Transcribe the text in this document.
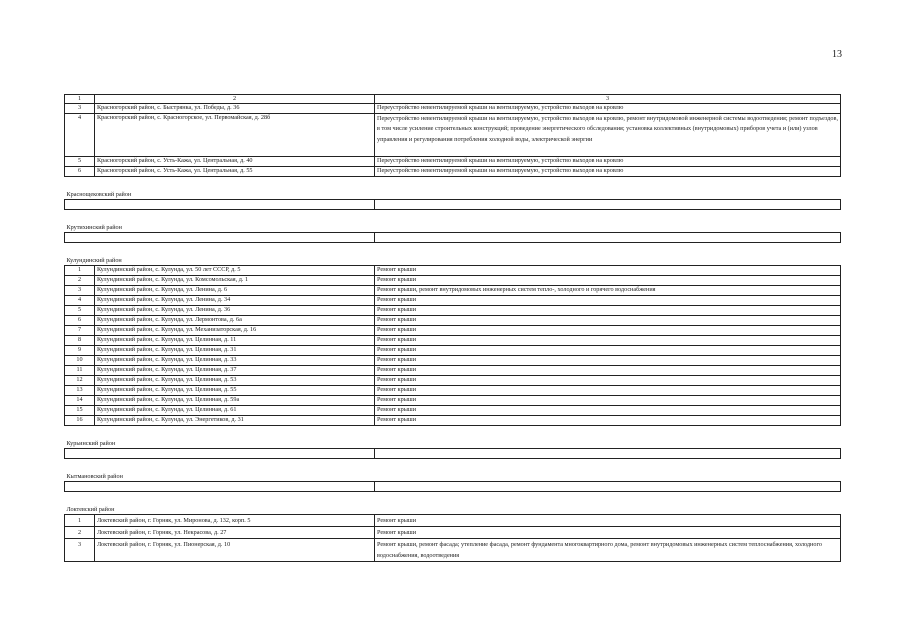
13
1	2	3
3	Красногорский район, с. Быстрянка, ул. Победы, д. 36	Переустройство невентилируемой крыши на вентилируемую, устройство выходов на кровлю
4	Красногорский район, с. Красногорское, ул. Первомайская, д. 28б	Переустройство невентилируемой крыши на вентилируемую, устройство выходов на кровлю, ремонт внутридомовой инженерной системы водоотведения; ремонт подъездов, в том числе усиление строительных конструкций; проведение энергетического обследования; установка коллективных (внутридомовых) приборов учета и (или) узлов управления и регулирования потребления холодной воды, электрической энергии
5	Красногорский район, с. Усть-Кажа, ул. Центральная, д. 40	Переустройство невентилируемой крыши на вентилируемую, устройство выходов на кровлю
6	Красногорский район, с. Усть-Кажа, ул. Центральная, д. 55	Переустройство невентилируемой крыши на вентилируемую, устройство выходов на кровлю
Краснощековский район		

Крутихинский район		

Кулундинский район		
1	Кулундинский район, с. Кулунда, ул. 50 лет СССР, д. 5	Ремонт крыши
2	Кулундинский район, с. Кулунда, ул. Комсомольская, д. 1	Ремонт крыши
3	Кулундинский район, с. Кулунда, ул. Ленина, д. 6	Ремонт крыши, ремонт внутридомовых инженерных систем тепло-, холодного и горячего водоснабжения
4	Кулундинский район, с. Кулунда, ул. Ленина, д. 34	Ремонт крыши
5	Кулундинский район, с. Кулунда, ул. Ленина, д. 36	Ремонт крыши
6	Кулундинский район, с. Кулунда, ул. Лермонтова, д. 6а	Ремонт крыши
7	Кулундинский район, с. Кулунда, ул. Механизаторская, д. 16	Ремонт крыши
8	Кулундинский район, с. Кулунда, ул. Целинная, д. 11	Ремонт крыши
9	Кулундинский район, с. Кулунда, ул. Целинная, д. 31	Ремонт крыши
10	Кулундинский район, с. Кулунда, ул. Целинная, д. 33	Ремонт крыши
11	Кулундинский район, с. Кулунда, ул. Целинная, д. 37	Ремонт крыши
12	Кулундинский район, с. Кулунда, ул. Целинная, д. 53	Ремонт крыши
13	Кулундинский район, с. Кулунда, ул. Целинная, д. 55	Ремонт крыши
14	Кулундинский район, с. Кулунда, ул. Целинная, д. 59а	Ремонт крыши
15	Кулундинский район, с. Кулунда, ул. Целинная, д. 61	Ремонт крыши
16	Кулундинский район, с. Кулунда, ул. Энергетиков, д. 31	Ремонт крыши
Курьинский район		

Кытмановский район		

Локтевский район		
1	Локтевский район, г. Горняк, ул. Миронова, д. 132, корп. 5	Ремонт крыши
2	Локтевский район, г. Горняк, ул. Некрасова, д. 27	Ремонт крыши
3	Локтевский район, г. Горняк, ул. Пионерская, д. 10	Ремонт крыши, ремонт фасада; утепление фасада, ремонт фундамента многоквартирного дома, ремонт внутридомовых инженерных систем теплоснабжения, холодного водоснабжения, водоотведения
